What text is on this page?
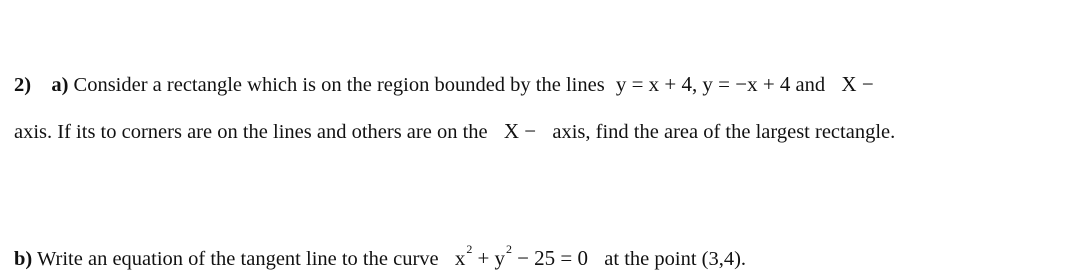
2) a) Consider a rectangle which is on the region bounded by the lines y = x + 4, y = −x + 4 and X −
axis. If its to corners are on the lines and others are on the X − axis, find the area of the largest rectangle.
b) Write an equation of the tangent line to the curve $x^2 + y^2 - 25 = 0$ at the point (3,4).
